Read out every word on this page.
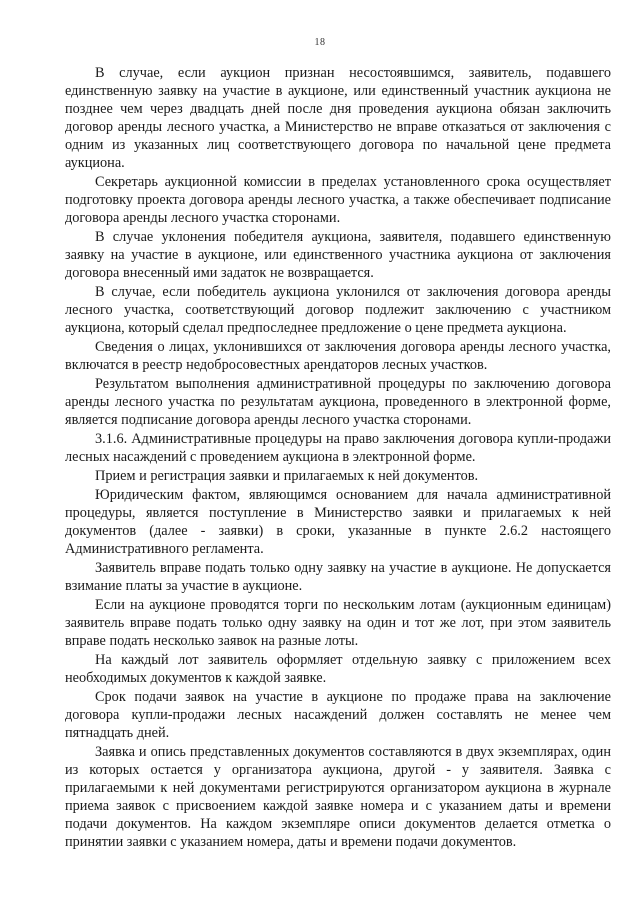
18

В случае, если аукцион признан несостоявшимся, заявитель, подавшего единственную заявку на участие в аукционе, или единственный участник аукциона не позднее чем через двадцать дней после дня проведения аукциона обязан заключить договор аренды лесного участка, а Министерство не вправе отказаться от заключения с одним из указанных лиц соответствующего договора по начальной цене предмета аукциона.

Секретарь аукционной комиссии в пределах установленного срока осуществляет подготовку проекта договора аренды лесного участка, а также обеспечивает подписание договора аренды лесного участка сторонами.

В случае уклонения победителя аукциона, заявителя, подавшего единственную заявку на участие в аукционе, или единственного участника аукциона от заключения договора внесенный ими задаток не возвращается.

В случае, если победитель аукциона уклонился от заключения договора аренды лесного участка, соответствующий договор подлежит заключению с участником аукциона, который сделал предпоследнее предложение о цене предмета аукциона.

Сведения о лицах, уклонившихся от заключения договора аренды лесного участка, включатся в реестр недобросовестных арендаторов лесных участков.

Результатом выполнения административной процедуры по заключению договора аренды лесного участка по результатам аукциона, проведенного в электронной форме, является подписание договора аренды лесного участка сторонами.

3.1.6. Административные процедуры на право заключения договора купли-продажи лесных насаждений с проведением аукциона в электронной форме.

Прием и регистрация заявки и прилагаемых к ней документов.

Юридическим фактом, являющимся основанием для начала административной процедуры, является поступление в Министерство заявки и прилагаемых к ней документов (далее - заявки) в сроки, указанные в пункте 2.6.2 настоящего Административного регламента.

Заявитель вправе подать только одну заявку на участие в аукционе. Не допускается взимание платы за участие в аукционе.

Если на аукционе проводятся торги по нескольким лотам (аукционным единицам) заявитель вправе подать только одну заявку на один и тот же лот, при этом заявитель вправе подать несколько заявок на разные лоты.

На каждый лот заявитель оформляет отдельную заявку с приложением всех необходимых документов к каждой заявке.

Срок подачи заявок на участие в аукционе по продаже права на заключение договора купли-продажи лесных насаждений должен составлять не менее чем пятнадцать дней.

Заявка и опись представленных документов составляются в двух экземплярах, один из которых остается у организатора аукциона, другой - у заявителя. Заявка с прилагаемыми к ней документами регистрируются организатором аукциона в журнале приема заявок с присвоением каждой заявке номера и с указанием даты и времени подачи документов. На каждом экземпляре описи документов делается отметка о принятии заявки с указанием номера, даты и времени подачи документов.
